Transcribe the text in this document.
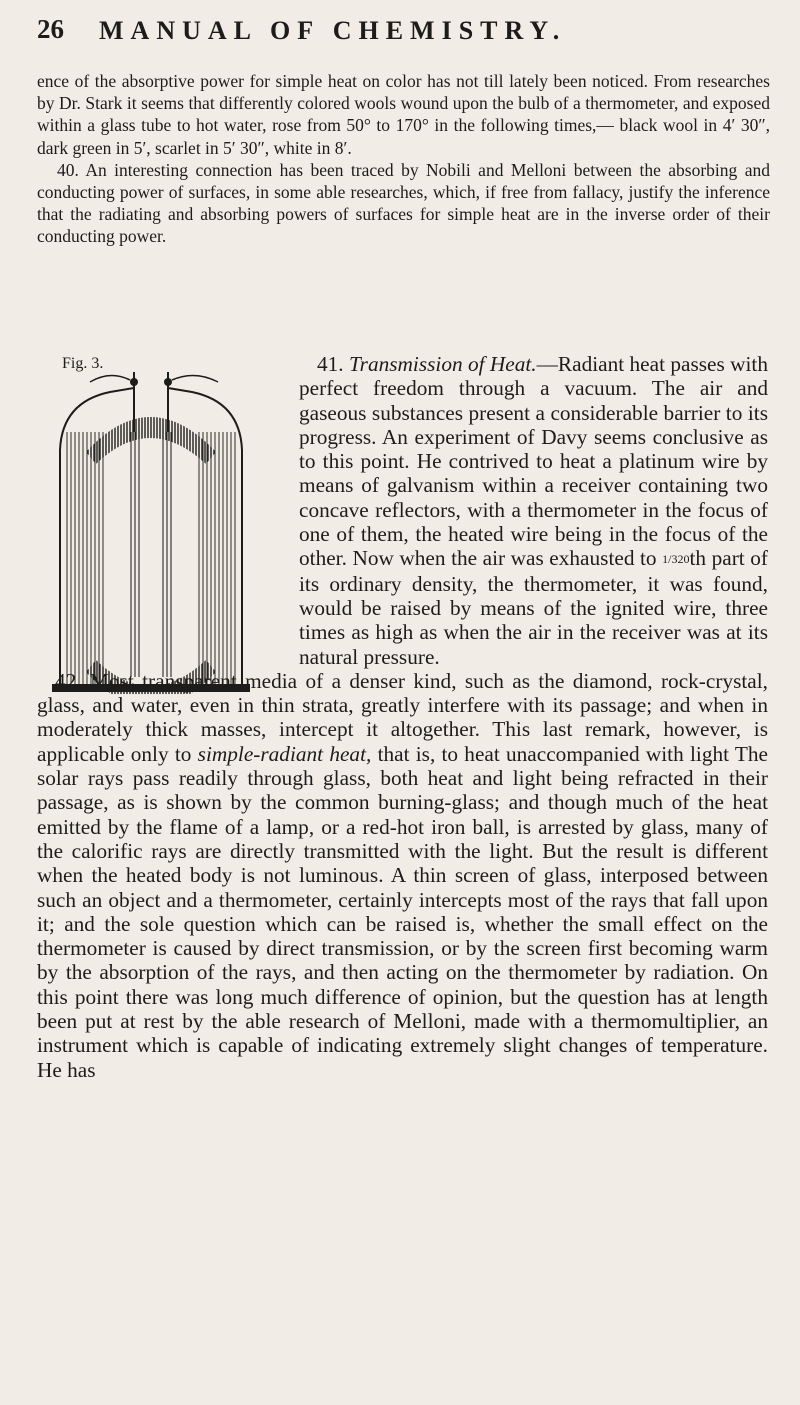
26 MANUAL OF CHEMISTRY.

ence of the absorptive power for simple heat on color has not till lately been noticed. From researches by Dr. Stark it seems that differently colored wools wound upon the bulb of a thermometer, and exposed within a glass tube to hot water, rose from 50° to 170° in the following times,— black wool in 4′ 30″, dark green in 5′, scarlet in 5′ 30″, white in 8′.

40. An interesting connection has been traced by Nobili and Melloni between the absorbing and conducting power of surfaces, in some able researches, which, if free from fallacy, justify the inference that the radiating and absorbing powers of surfaces for simple heat are in the inverse order of their conducting power.

Fig. 3.	41. Transmission of Heat.—Radiant heat passes with perfect freedom through a vacuum. The air and gaseous substances present a considerable barrier to its progress. An experiment of Davy seems conclusive as to this point. He contrived to heat a platinum wire by means of galvanism within a receiver containing two concave reflectors, with a thermometer in the focus of one of them, the heated wire being in the focus of the other. Now when the air was exhausted to 1/320th part of its ordinary density, the thermometer, it was found, would be raised by means of the ignited wire, three times as high as when the air in the receiver was at its natural pressure.
42. Most transparent media of a denser kind, such as the diamond, rock-crystal, glass, and water, even in thin strata, greatly interfere with its passage; and when in moderately thick masses, intercept it altogether. This last remark, however, is applicable only to simple-radiant heat, that is, to heat unaccompanied with light The solar rays pass readily through glass, both heat and light being refracted in their passage, as is shown by the common burning-glass; and though much of the heat emitted by the flame of a lamp, or a red-hot iron ball, is arrested by glass, many of the calorific rays are directly transmitted with the light. But the result is different when the heated body is not luminous. A thin screen of glass, interposed between such an object and a thermometer, certainly intercepts most of the rays that fall upon it; and the sole question which can be raised is, whether the small effect on the thermometer is caused by direct transmission, or by the screen first becoming warm by the absorption of the rays, and then acting on the thermometer by radiation. On this point there was long much difference of opinion, but the question has at length been put at rest by the able research of Melloni, made with a thermomultiplier, an instrument which is capable of indicating extremely slight changes of temperature. He has
